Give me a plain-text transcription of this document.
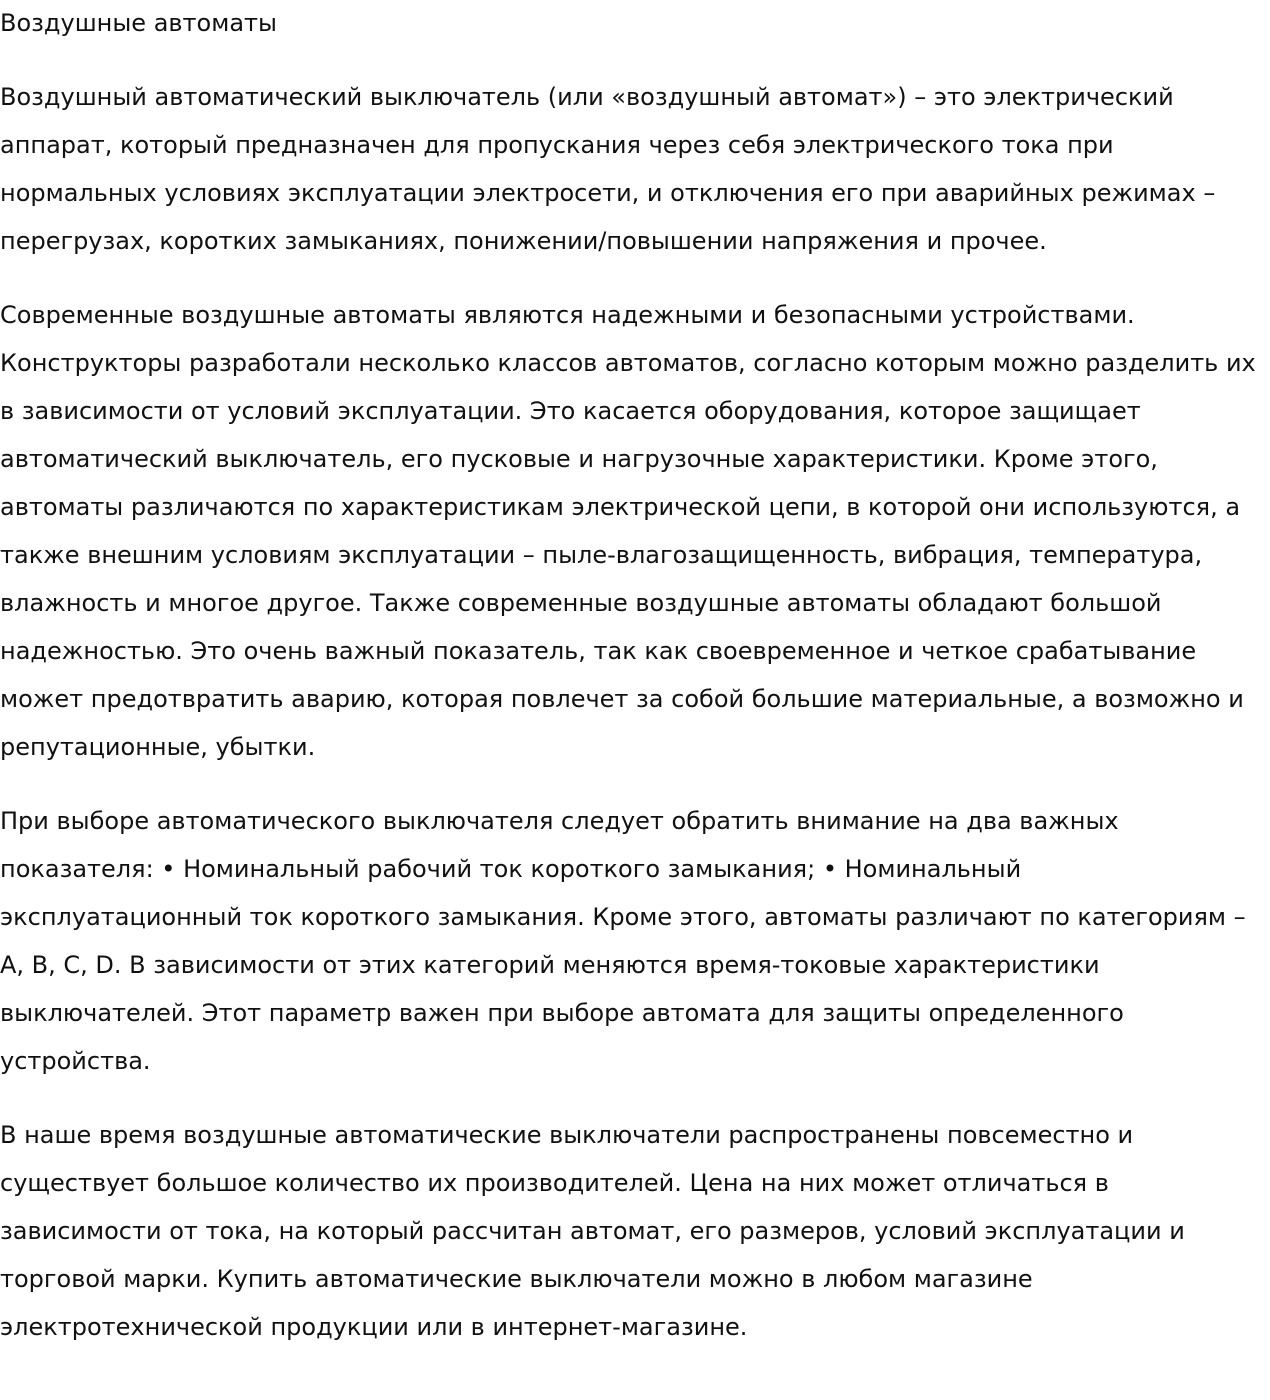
Воздушные автоматы

Воздушный автоматический выключатель (или «воздушный автомат») – это электрический аппарат, который предназначен для пропускания через себя электрического тока при нормальных условиях эксплуатации электросети, и отключения его при аварийных режимах – перегрузах, коротких замыканиях, понижении/повышении напряжения и прочее.

Современные воздушные автоматы являются надежными и безопасными устройствами. Конструкторы разработали несколько классов автоматов, согласно которым можно разделить их в зависимости от условий эксплуатации. Это касается оборудования, которое защищает автоматический выключатель, его пусковые и нагрузочные характеристики. Кроме этого, автоматы различаются по характеристикам электрической цепи, в которой они используются, а также внешним условиям эксплуатации – пыле-влагозащищенность, вибрация, температура, влажность и многое другое. Также современные воздушные автоматы обладают большой надежностью. Это очень важный показатель, так как своевременное и четкое срабатывание может предотвратить аварию, которая повлечет за собой большие материальные, а возможно и репутационные, убытки.

При выборе автоматического выключателя следует обратить внимание на два важных показателя: • Номинальный рабочий ток короткого замыкания; • Номинальный эксплуатационный ток короткого замыкания. Кроме этого, автоматы различают по категориям – A, B, C, D. В зависимости от этих категорий меняются время-токовые характеристики выключателей. Этот параметр важен при выборе автомата для защиты определенного устройства.

В наше время воздушные автоматические выключатели распространены повсеместно и существует большое количество их производителей. Цена на них может отличаться в зависимости от тока, на который рассчитан автомат, его размеров, условий эксплуатации и торговой марки. Купить автоматические выключатели можно в любом магазине электротехнической продукции или в интернет-магазине.
